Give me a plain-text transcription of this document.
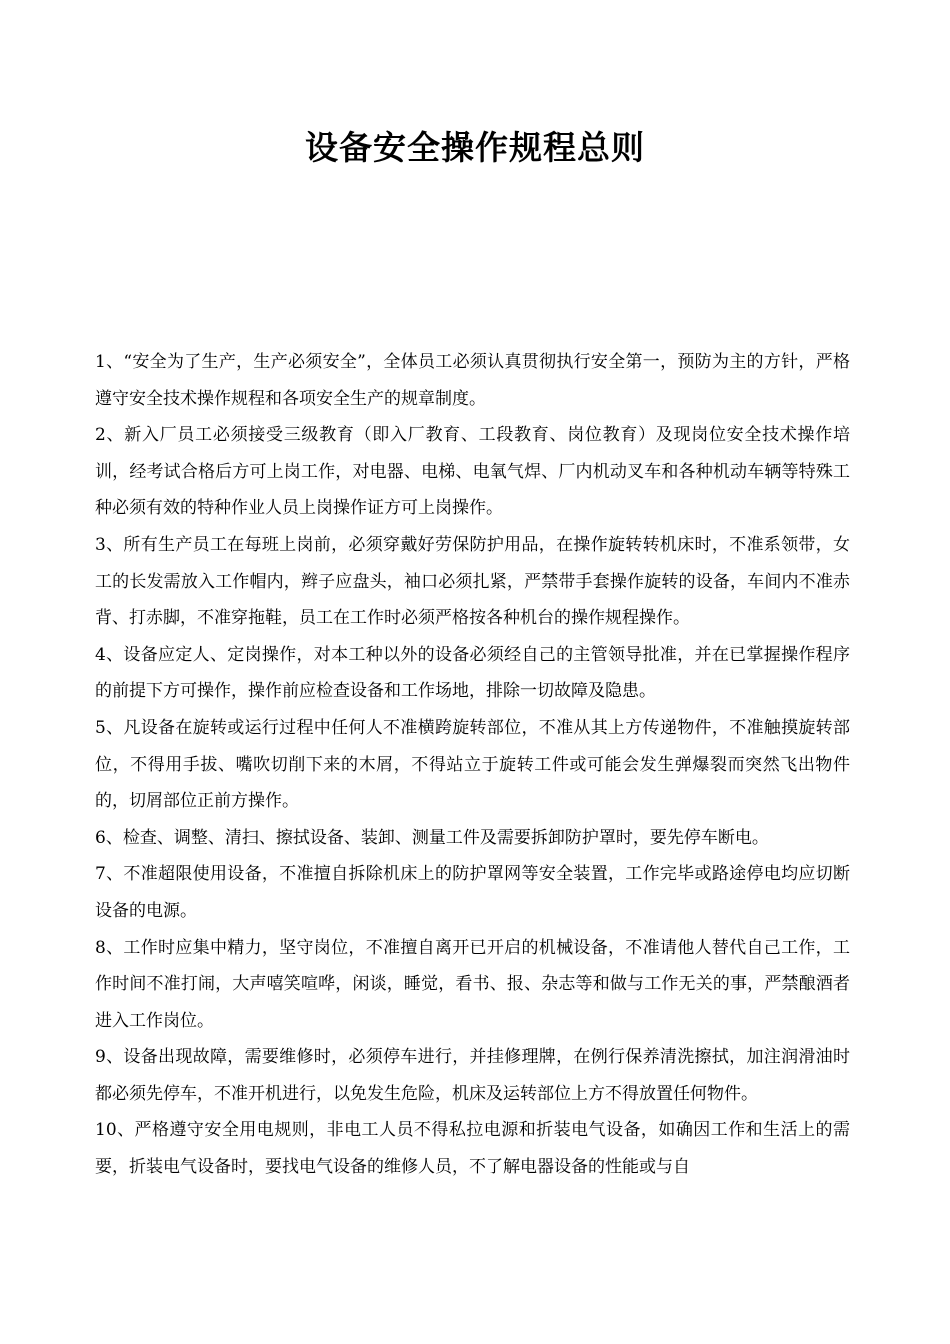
设备安全操作规程总则

1、“安全为了生产，生产必须安全”，全体员工必须认真贯彻执行安全第一，预防为主的方针，严格遵守安全技术操作规程和各项安全生产的规章制度。

2、新入厂员工必须接受三级教育（即入厂教育、工段教育、岗位教育）及现岗位安全技术操作培训，经考试合格后方可上岗工作，对电器、电梯、电氧气焊、厂内机动叉车和各种机动车辆等特殊工种必须有效的特种作业人员上岗操作证方可上岗操作。

3、所有生产员工在每班上岗前，必须穿戴好劳保防护用品，在操作旋转转机床时，不准系领带，女工的长发需放入工作帽内，辫子应盘头，袖口必须扎紧，严禁带手套操作旋转的设备，车间内不准赤背、打赤脚，不准穿拖鞋，员工在工作时必须严格按各种机台的操作规程操作。

4、设备应定人、定岗操作，对本工种以外的设备必须经自己的主管领导批准，并在已掌握操作程序的前提下方可操作，操作前应检查设备和工作场地，排除一切故障及隐患。

5、凡设备在旋转或运行过程中任何人不准横跨旋转部位，不准从其上方传递物件，不准触摸旋转部位，不得用手拔、嘴吹切削下来的木屑，不得站立于旋转工件或可能会发生弹爆裂而突然飞出物件的，切屑部位正前方操作。

6、检查、调整、清扫、擦拭设备、装卸、测量工件及需要拆卸防护罩时，要先停车断电。

7、不准超限使用设备，不准擅自拆除机床上的防护罩网等安全装置，工作完毕或路途停电均应切断设备的电源。

8、工作时应集中精力，坚守岗位，不准擅自离开已开启的机械设备，不准请他人替代自己工作，工作时间不准打闹，大声嘻笑喧哗，闲谈，睡觉，看书、报、杂志等和做与工作无关的事，严禁酿酒者进入工作岗位。

9、设备出现故障，需要维修时，必须停车进行，并挂修理牌，在例行保养清洗擦拭，加注润滑油时都必须先停车，不准开机进行，以免发生危险，机床及运转部位上方不得放置任何物件。

10、严格遵守安全用电规则，非电工人员不得私拉电源和折装电气设备，如确因工作和生活上的需要，折装电气设备时，要找电气设备的维修人员，不了解电器设备的性能或与自
